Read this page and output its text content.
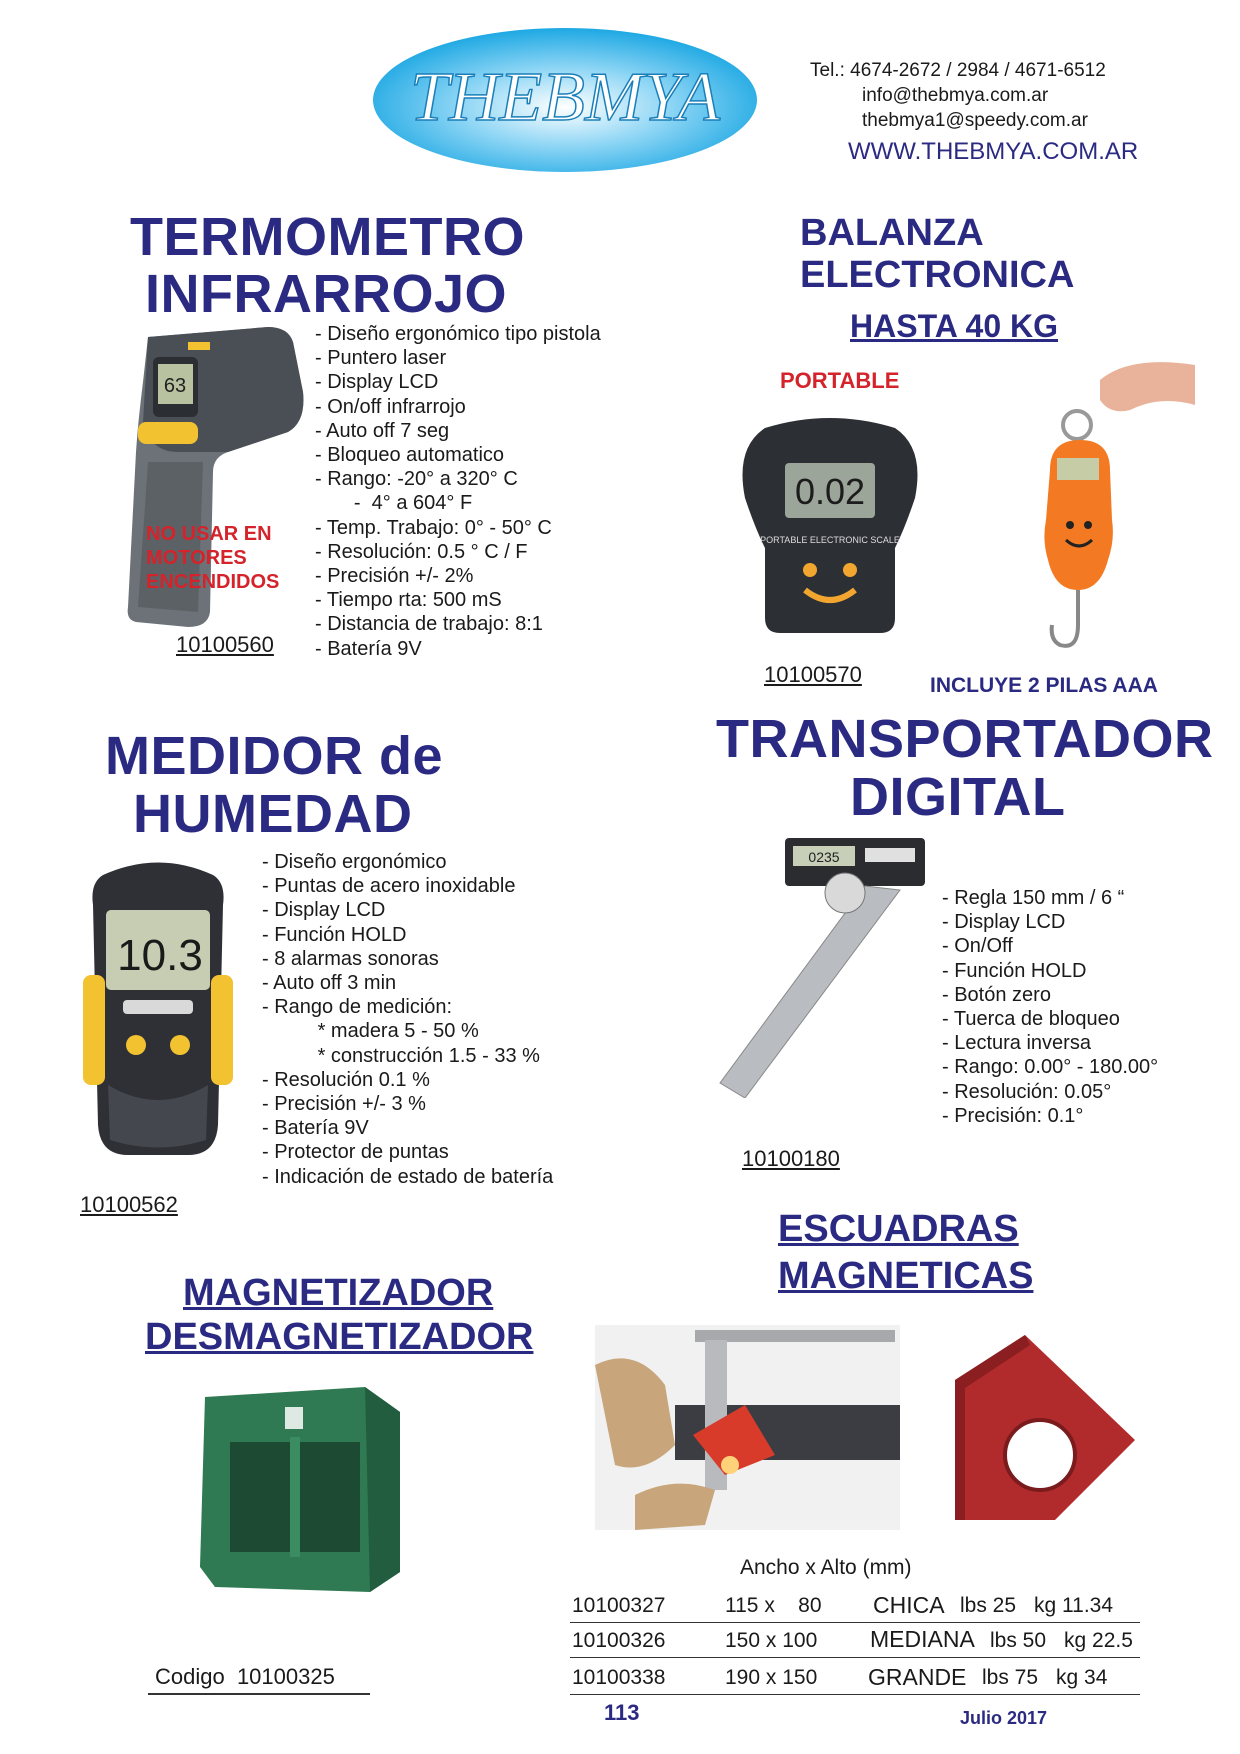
THEBMYA	Tel.: 4674-2672 / 2984 / 4671-6512
info@thebmya.com.ar
thebmya1@speedy.com.ar
WWW.THEBMYA.COM.AR
TERMOMETRO
INFRARROJO
63
NO USAR EN
MOTORES
ENCENDIDOS
10100560
- Diseño ergonómico tipo pistola
- Puntero laser
- Display LCD
- On/off infrarrojo
- Auto off 7 seg
- Bloqueo automatico
- Rango: -20° a 320° C
-  4° a 604° F
- Temp. Trabajo: 0° - 50° C
- Resolución: 0.5 ° C / F
- Precisión +/- 2%
- Tiempo rta: 500 mS
- Distancia de trabajo: 8:1
- Batería 9V
BALANZA
ELECTRONICA
HASTA 40 KG
PORTABLE
0.02
PORTABLE ELECTRONIC SCALE
10100570	INCLUYE 2 PILAS AAA
MEDIDOR de
HUMEDAD
10.3
10100562
- Diseño ergonómico
- Puntas de acero inoxidable
- Display LCD
- Función HOLD
- 8 alarmas sonoras
- Auto off 3 min
- Rango de medición:
* madera 5 - 50 %
* construcción 1.5 - 33 %
- Resolución 0.1 %
- Precisión +/- 3 %
- Batería 9V
- Protector de puntas
- Indicación de estado de batería
TRANSPORTADOR
DIGITAL
0235
10100180
- Regla 150 mm / 6 “
- Display LCD
- On/Off
- Función HOLD
- Botón zero
- Tuerca de bloqueo
- Lectura inversa
- Rango: 0.00° - 180.00°
- Resolución: 0.05°
- Precisión: 0.1°
ESCUADRAS
MAGNETICAS
Ancho x Alto (mm)
10100327	115 x    80 CHICA lbs 25 kg 11.34
10100326	150 x 100 MEDIANA lbs 50 kg 22.5
10100338	190 x 150 GRANDE lbs 75 kg 34
MAGNETIZADOR
DESMAGNETIZADOR
Codigo  10100325
113	Julio 2017
